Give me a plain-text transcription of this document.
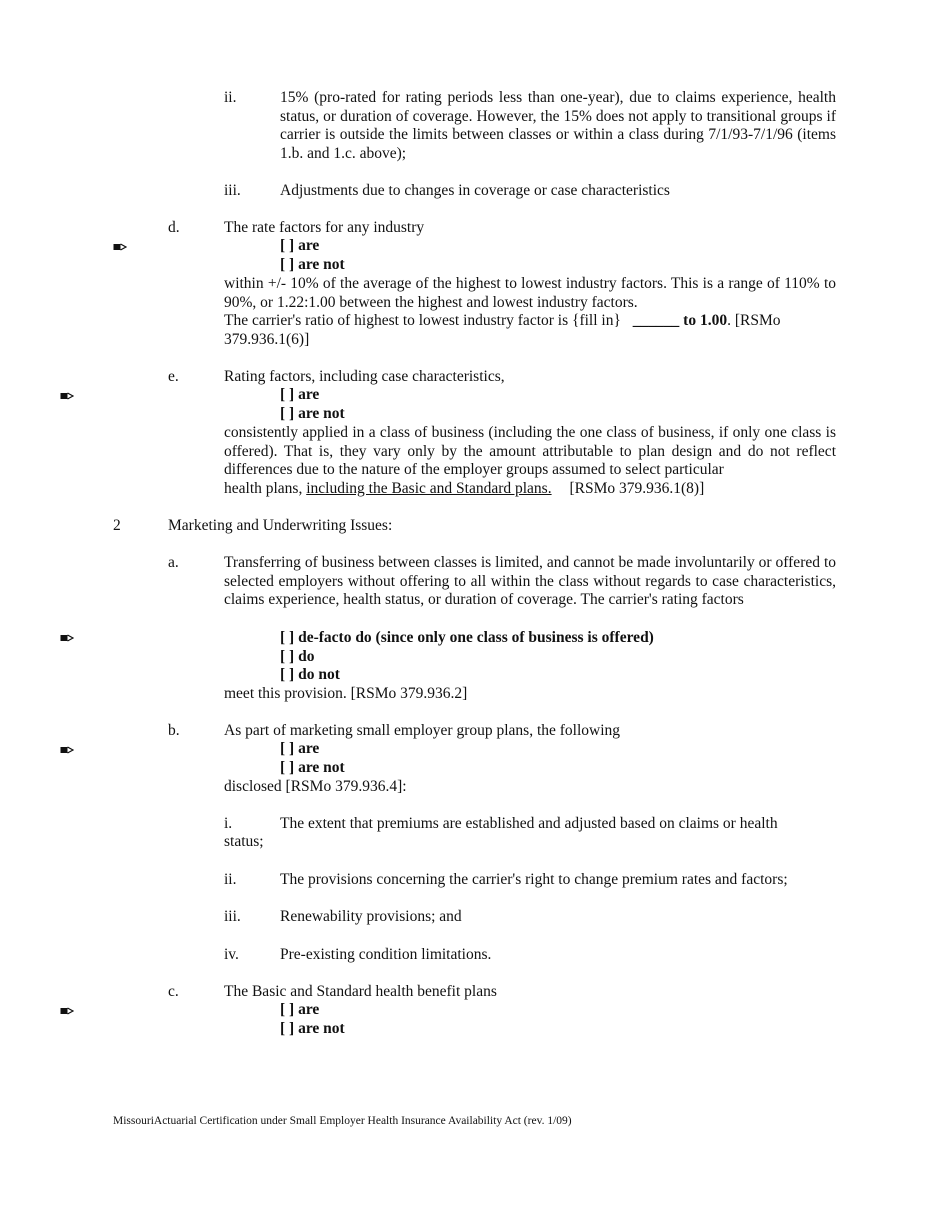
ii.	15% (pro-rated for rating periods less than one-year), due to claims experience, health status, or duration of coverage. However, the 15% does not apply to transitional groups if carrier is outside the limits between classes or within a class during 7/1/93-7/1/96 (items 1.b. and 1.c. above);
iii.	Adjustments due to changes in coverage or case characteristics
d.	The rate factors for any industry
[ ] are
[ ] are not
within +/- 10% of the average of the highest to lowest industry factors. This is a range of 110% to 90%, or 1.22:1.00 between the highest and lowest industry factors.
The carrier's ratio of highest to lowest industry factor is {fill in} ______ to 1.00. [RSMo
379.936.1(6)]
e.	Rating factors, including case characteristics,
[ ] are
[ ] are not
consistently applied in a class of business (including the one class of business, if only one class is offered). That is, they vary only by the amount attributable to plan design and do not reflect differences due to the nature of the employer groups assumed to select particular
health plans, including the Basic and Standard plans. [RSMo 379.936.1(8)]
2	Marketing and Underwriting Issues:
a.	Transferring of business between classes is limited, and cannot be made involuntarily or offered to selected employers without offering to all within the class without regards to case characteristics, claims experience, health status, or duration of coverage. The carrier's rating factors
[ ] de-facto do (since only one class of business is offered)
[ ] do
[ ] do not
meet this provision. [RSMo 379.936.2]
b.	As part of marketing small employer group plans, the following
[ ] are
[ ] are not
disclosed [RSMo 379.936.4]:
i.	The extent that premiums are established and adjusted based on claims or health
status;
ii.	The provisions concerning the carrier's right to change premium rates and factors;
iii.	Renewability provisions; and
iv.	Pre-existing condition limitations.
c.	The Basic and Standard health benefit plans
[ ] are
[ ] are not
MissouriActuarial Certification under Small Employer Health Insurance Availability Act (rev. 1/09)
